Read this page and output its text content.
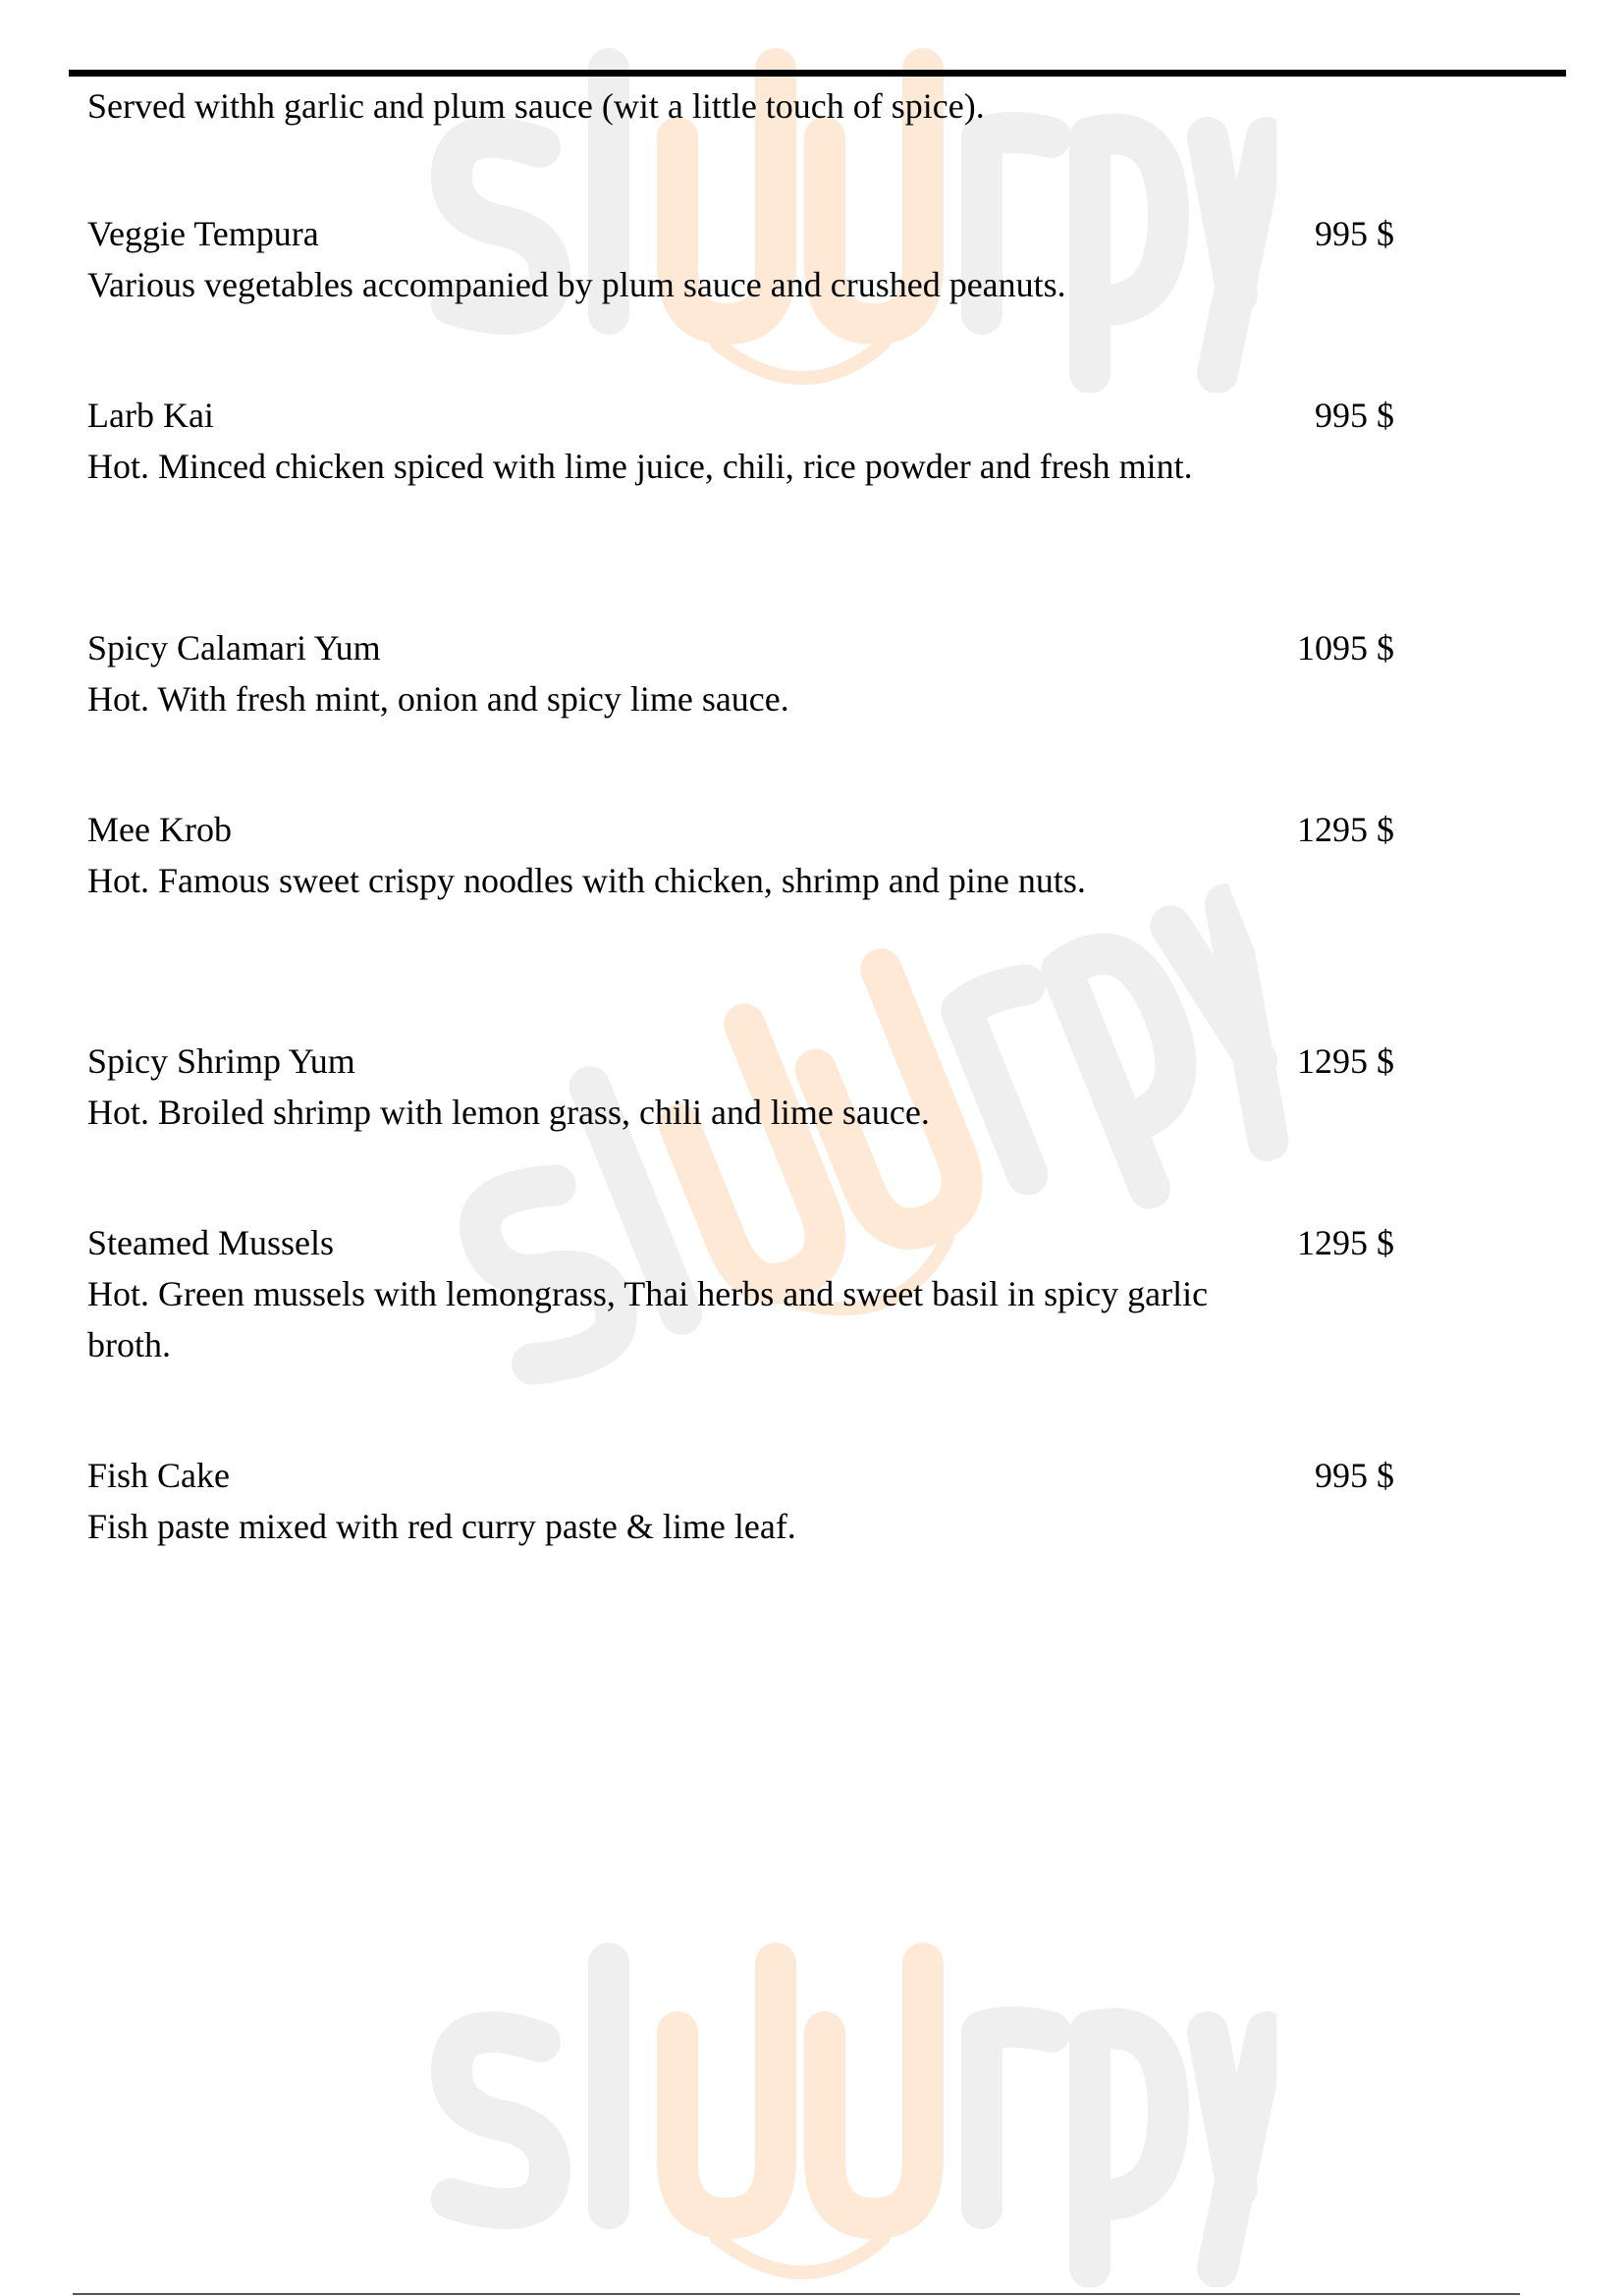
Served withh garlic and plum sauce (wit a little touch of spice).
Veggie Tempura	995 $
Various vegetables accompanied by plum sauce and crushed peanuts.
Larb Kai	995 $
Hot. Minced chicken spiced with lime juice, chili, rice powder and fresh mint.
Spicy Calamari Yum	1095 $
Hot. With fresh mint, onion and spicy lime sauce.
Mee Krob	1295 $
Hot. Famous sweet crispy noodles with chicken, shrimp and pine nuts.
Spicy Shrimp Yum	1295 $
Hot. Broiled shrimp with lemon grass, chili and lime sauce.
Steamed Mussels	1295 $
Hot. Green mussels with lemongrass, Thai herbs and sweet basil in spicy garlic broth.
Fish Cake	995 $
Fish paste mixed with red curry paste & lime leaf.
